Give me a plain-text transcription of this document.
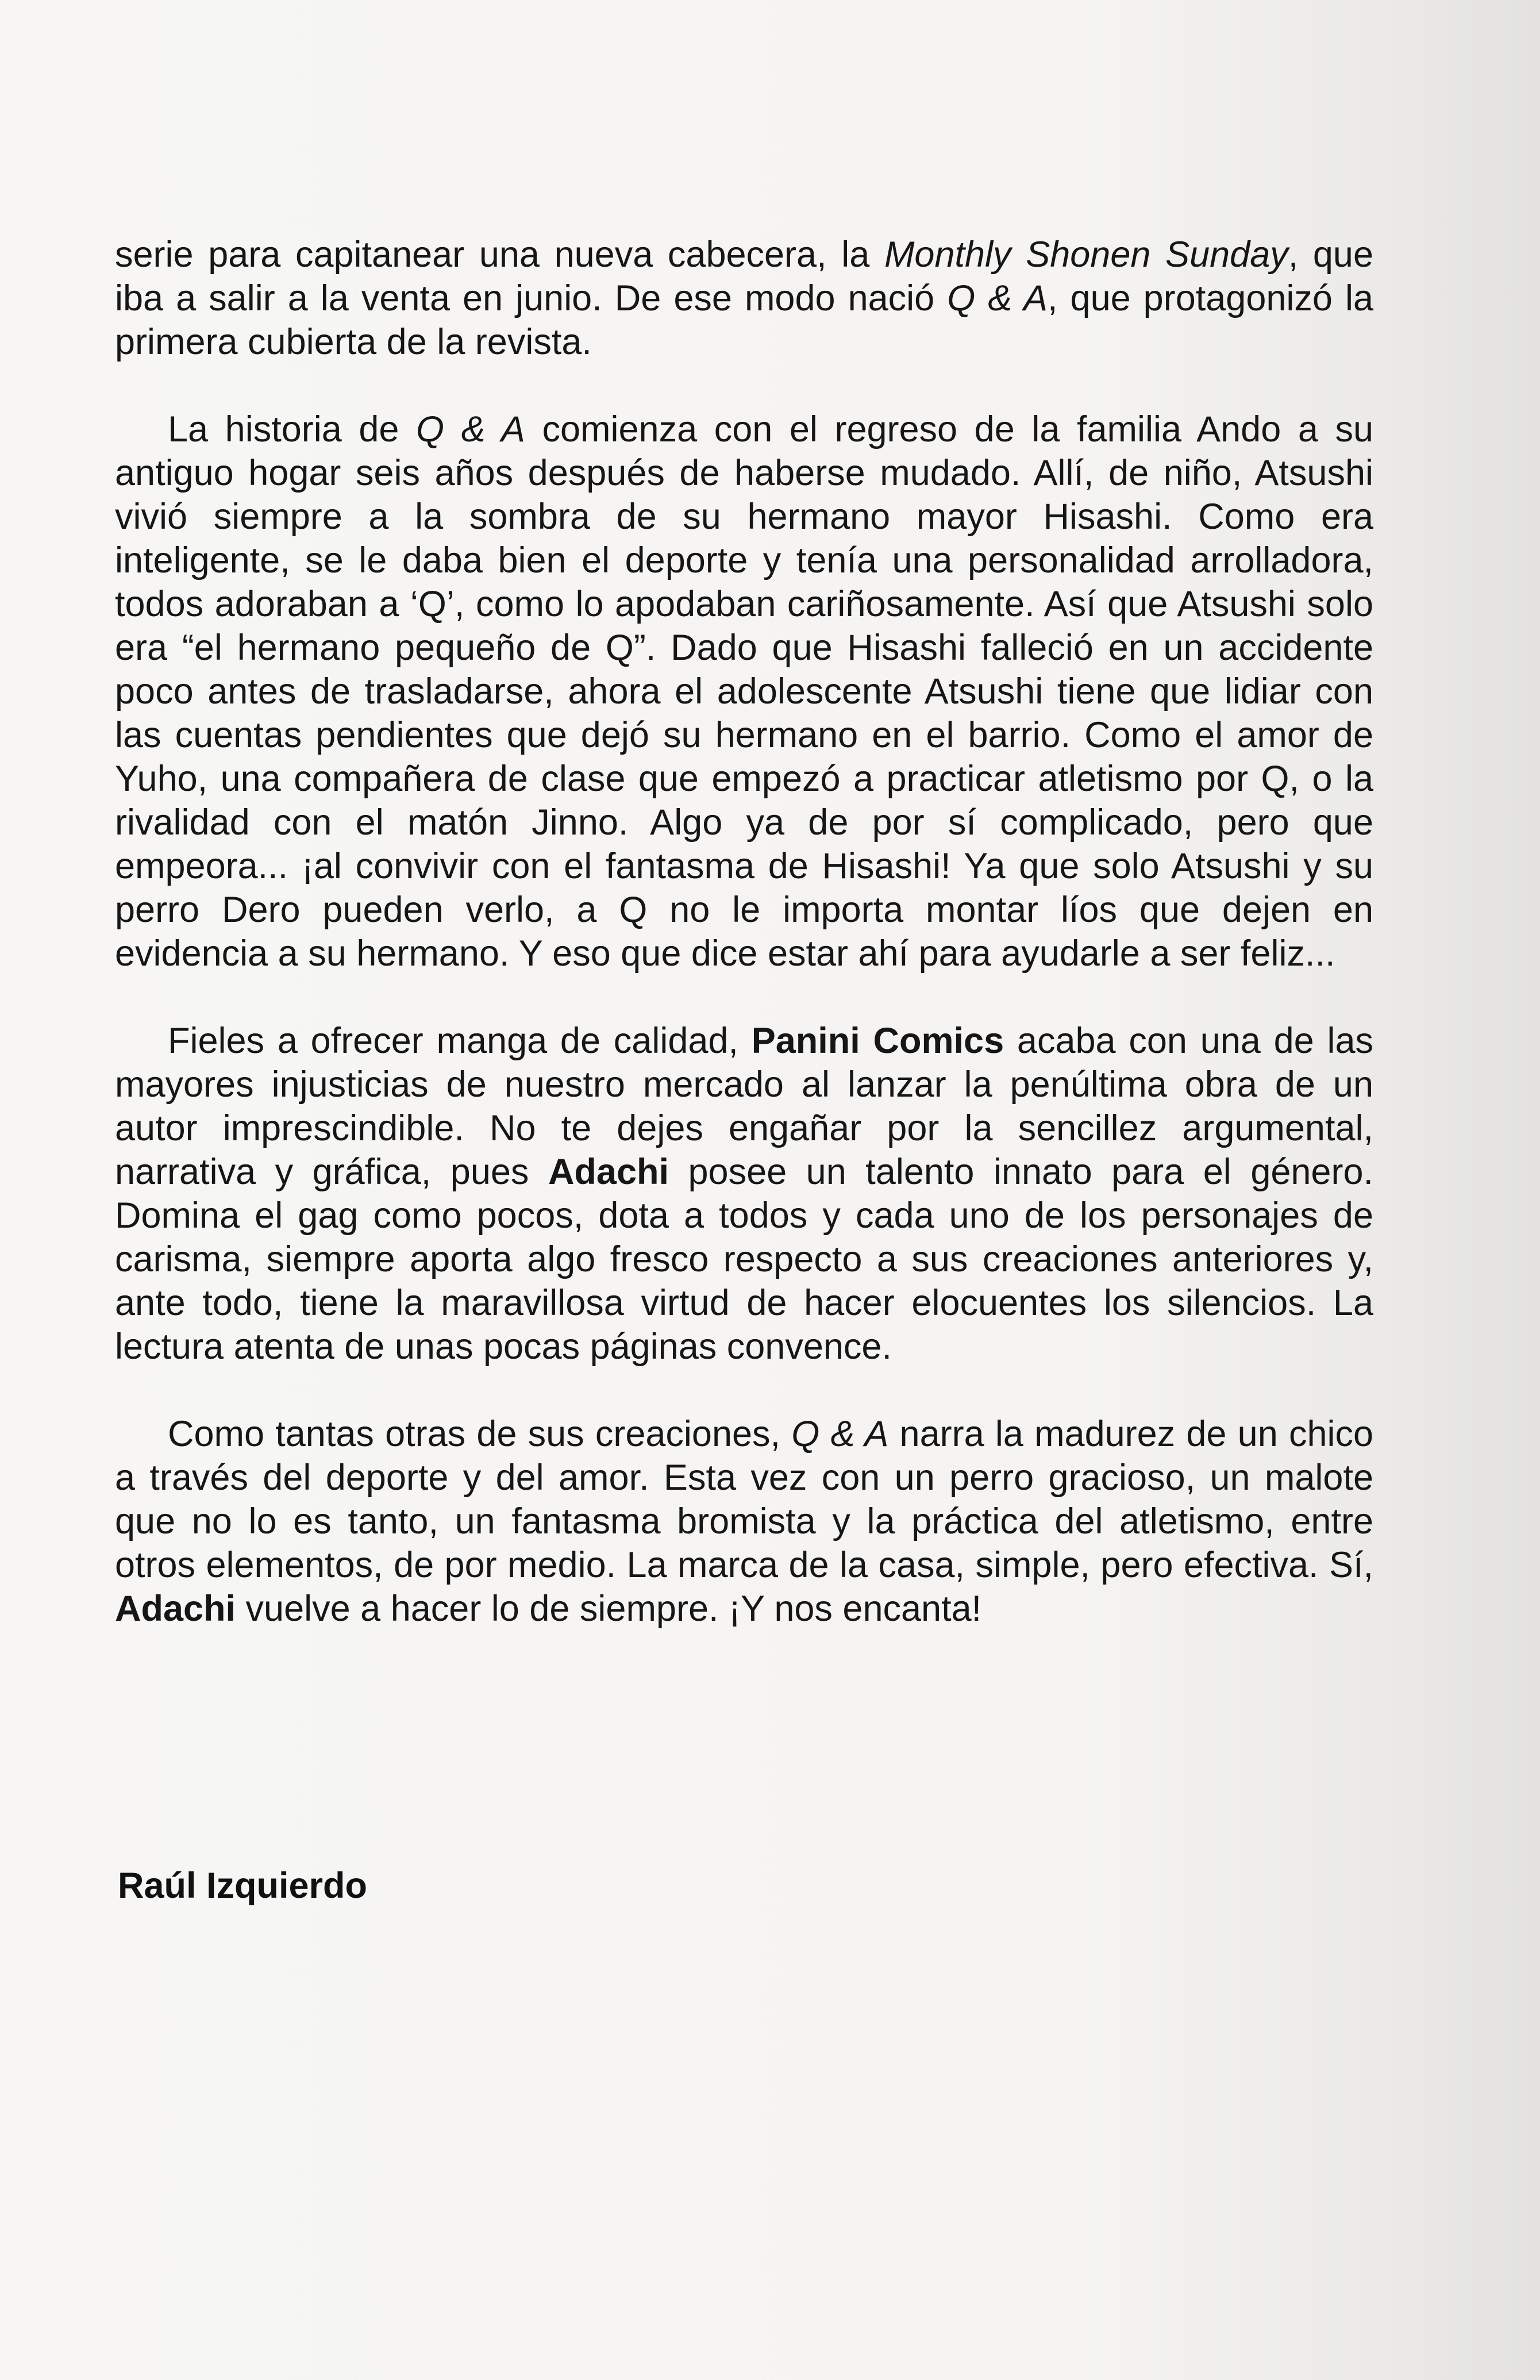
serie para capitanear una nueva cabecera, la Monthly Shonen Sunday, que iba a salir a la venta en junio. De ese modo nació Q & A, que protagonizó la primera cubierta de la revista.

La historia de Q & A comienza con el regreso de la familia Ando a su antiguo hogar seis años después de haberse mudado. Allí, de niño, Atsushi vivió siempre a la sombra de su hermano mayor Hisashi. Como era inteligente, se le daba bien el deporte y tenía una personalidad arrolladora, todos adoraban a ‘Q’, como lo apodaban cariñosamente. Así que Atsushi solo era “el hermano pequeño de Q”. Dado que Hisashi falleció en un accidente poco antes de trasladarse, ahora el adolescente Atsushi tiene que lidiar con las cuentas pendientes que dejó su hermano en el barrio. Como el amor de Yuho, una compañera de clase que empezó a practicar atletismo por Q, o la rivalidad con el matón Jinno. Algo ya de por sí complicado, pero que empeora... ¡al convivir con el fantasma de Hisashi! Ya que solo Atsushi y su perro Dero pueden verlo, a Q no le importa montar líos que dejen en evidencia a su hermano. Y eso que dice estar ahí para ayudarle a ser feliz...

Fieles a ofrecer manga de calidad, Panini Comics acaba con una de las mayores injusticias de nuestro mercado al lanzar la penúltima obra de un autor imprescindible. No te dejes engañar por la sencillez argumental, narrativa y gráfica, pues Adachi posee un talento innato para el género. Domina el gag como pocos, dota a todos y cada uno de los personajes de carisma, siempre aporta algo fresco respecto a sus creaciones anteriores y, ante todo, tiene la maravillosa virtud de hacer elocuentes los silencios. La lectura atenta de unas pocas páginas convence.

Como tantas otras de sus creaciones, Q & A narra la madurez de un chico a través del deporte y del amor. Esta vez con un perro gracioso, un malote que no lo es tanto, un fantasma bromista y la práctica del atletismo, entre otros elementos, de por medio. La marca de la casa, simple, pero efectiva. Sí, Adachi vuelve a hacer lo de siempre. ¡Y nos encanta!

Raúl Izquierdo
